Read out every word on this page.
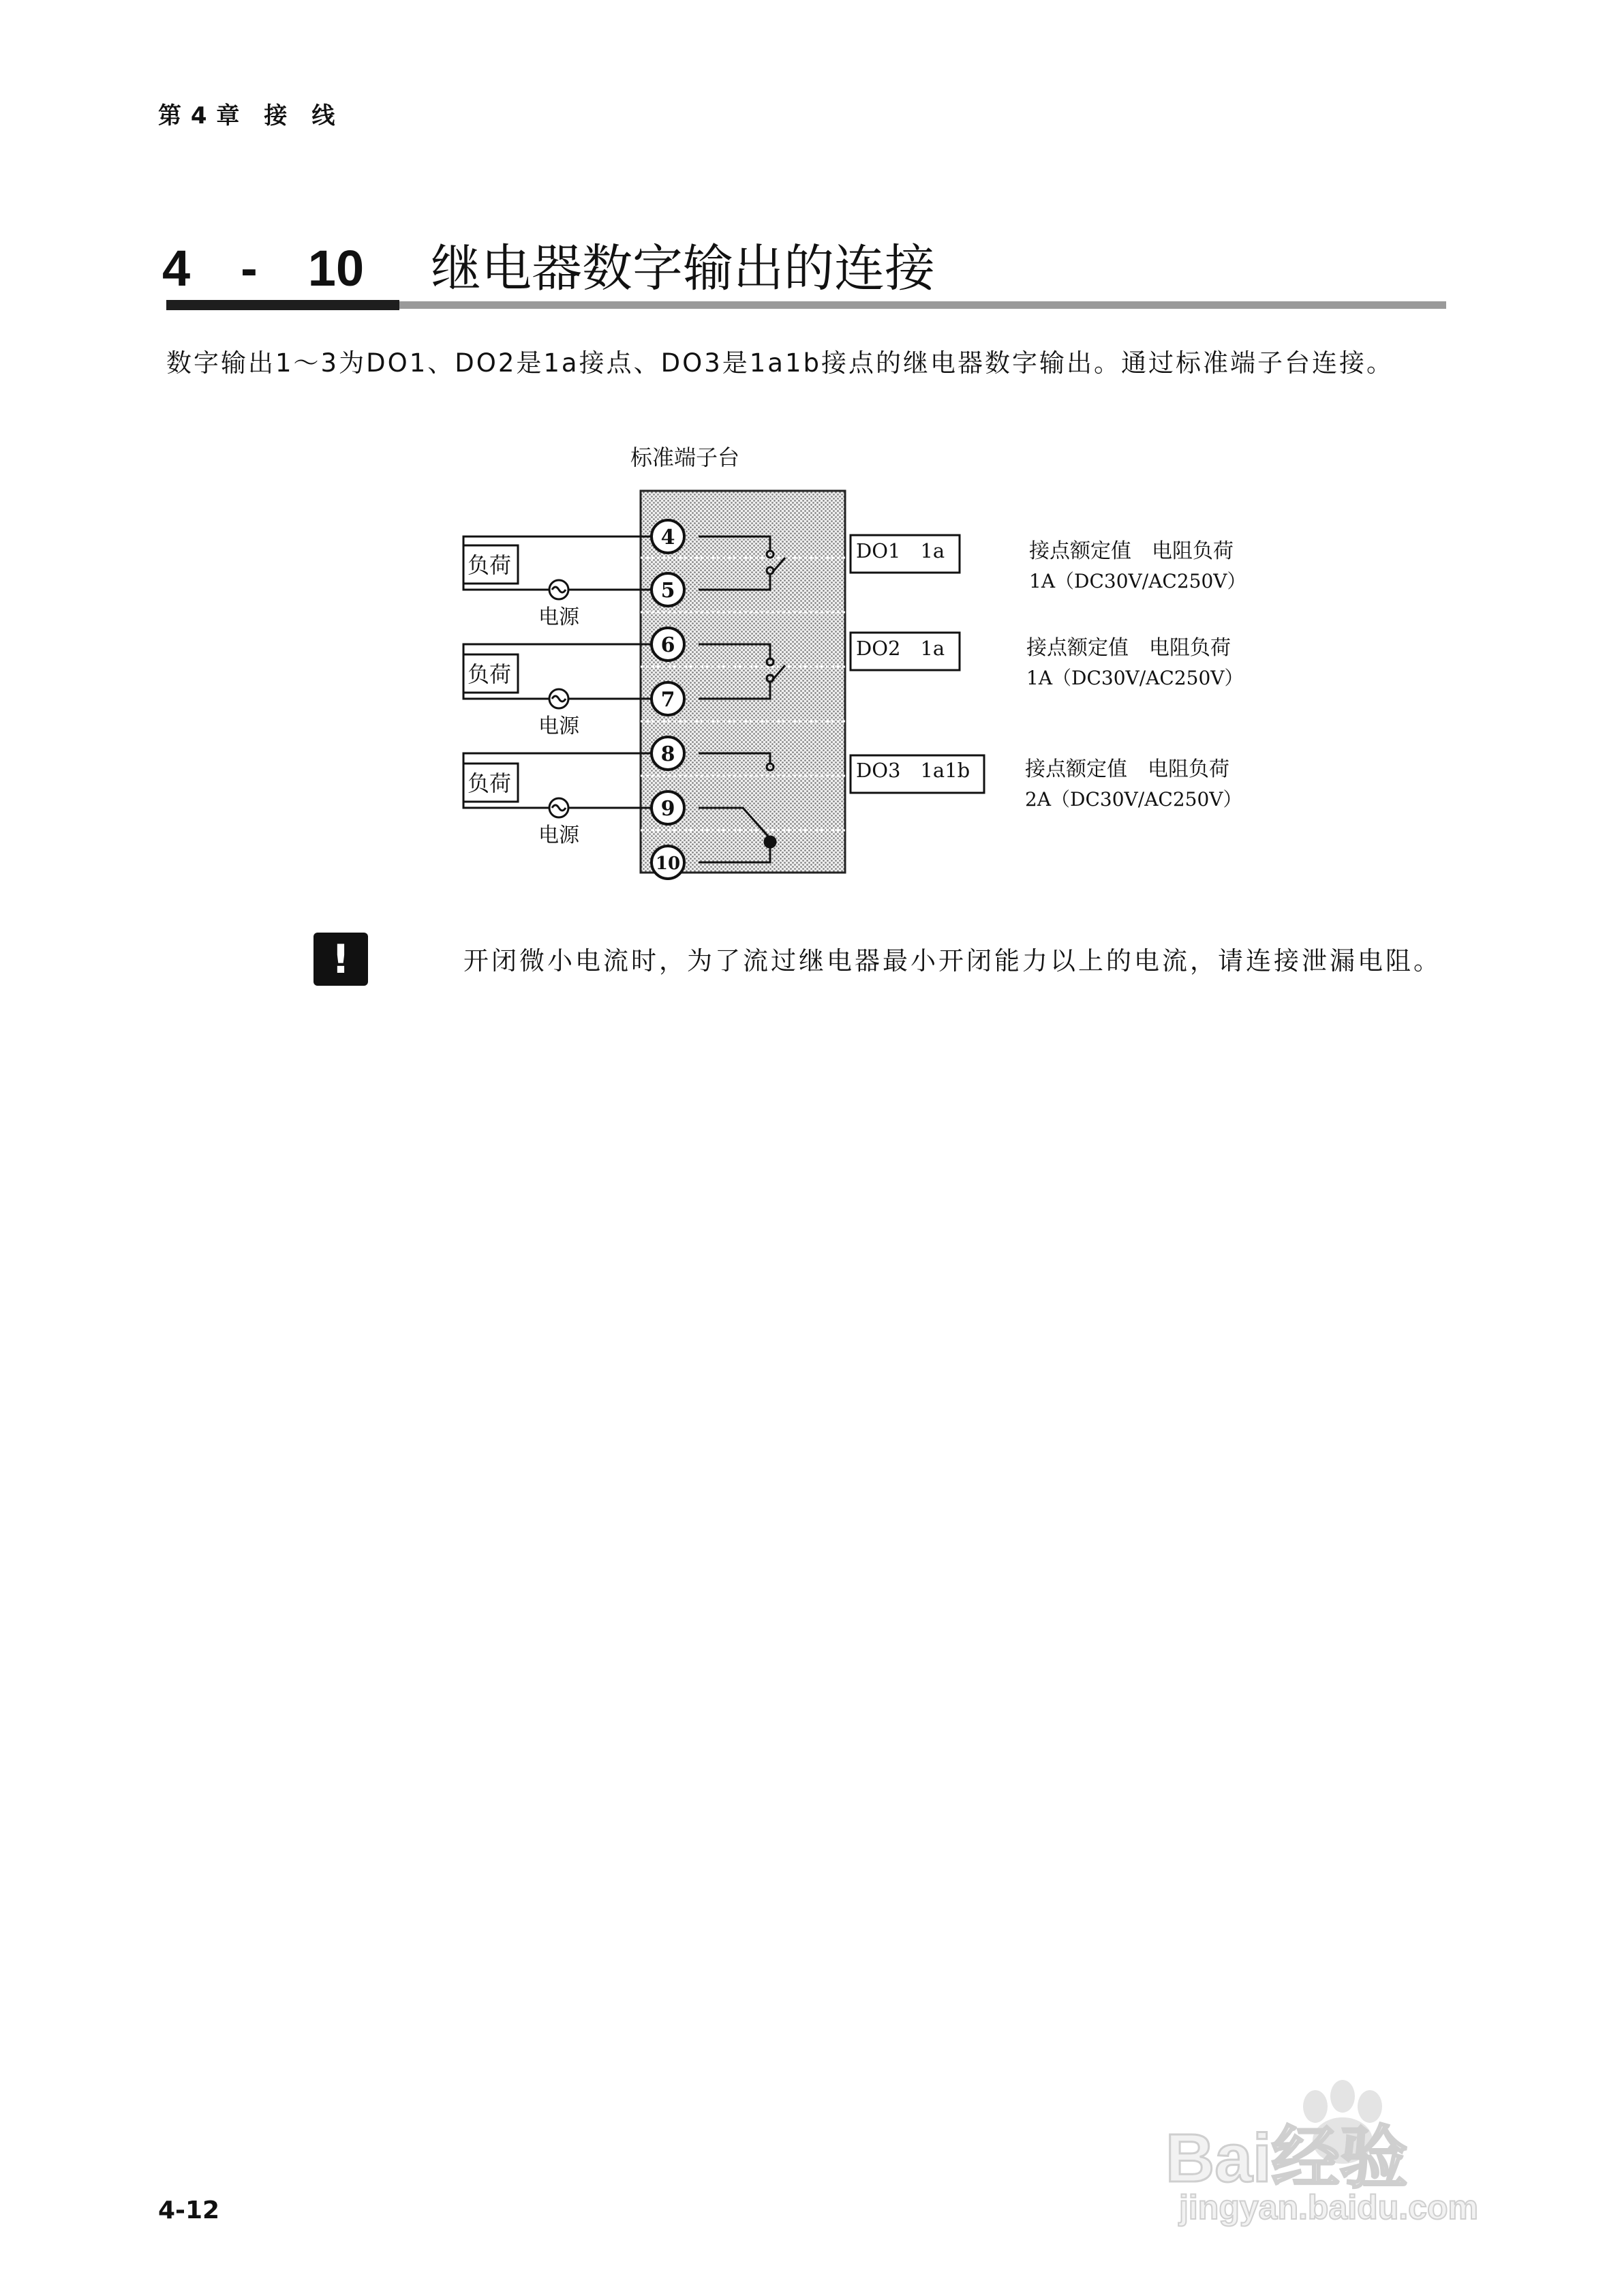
第 4 章　接　线
4　-　10 继电器数字输出的连接
数字输出1～3为DO1、DO2是1a接点、DO3是1a1b接点的继电器数字输出。通过标准端子台连接。
标准端子台
4
5
6
7
8
9
10
负荷
电源
负荷
电源
负荷
电源
DO1　1a
DO2　1a
DO3　1a1b
接点额定值　电阻负荷
1A（DC30V/AC250V）
接点额定值　电阻负荷
1A（DC30V/AC250V）
接点额定值　电阻负荷
2A（DC30V/AC250V）
!	开闭微小电流时，为了流过继电器最小开闭能力以上的电流，请连接泄漏电阻。
4-12
Bai经验
jingyan.baidu.com
